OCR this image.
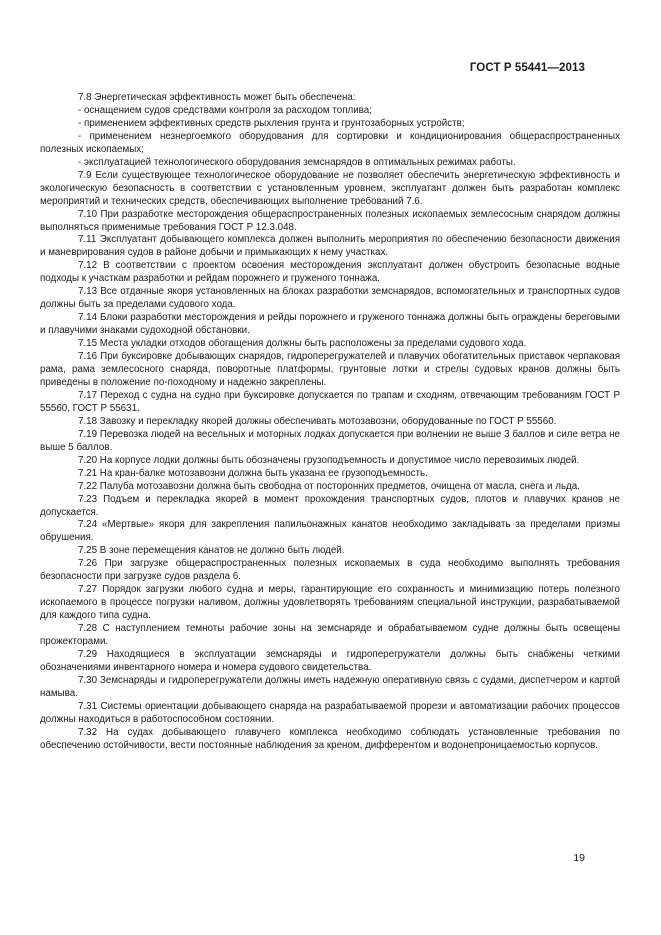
ГОСТ Р 55441—2013

7.8 Энергетическая эффективность может быть обеспечена:

- оснащением судов средствами контроля за расходом топлива;

- применением эффективных средств рыхления грунта и грунтозаборных устройств;

- применением незнергоемкого оборудования для сортировки и кондиционирования общераспространенных полезных ископаемых;

- эксплуатацией технологического оборудования земснарядов в оптимальных режимах работы.

7.9 Если существующее технологическое оборудование не позволяет обеспечить энергетическую эффективность и экологическую безопасность в соответствии с установленным уровнем, эксплуатант должен быть разработан комплекс мероприятий и технических средств, обеспечивающих выполнение требований 7.6.

7.10 При разработке месторождения общераспространенных полезных ископаемых землесосным снарядом должны выполняться применимые требования ГОСТ Р 12.3.048.

7.11 Эксплуатант добывающего комплекса должен выполнить мероприятия по обеспечению безопасности движения и маневрирования судов в районе добычи и примыкающих к нему участках.

7.12 В соответствии с проектом освоения месторождения эксплуатант должен обустроить безопасные водные подходы к участкам разработки и рейдам порожнего и груженого тоннажа.

7.13 Все отданные якоря установленных на блоках разработки земснарядов, вспомогательных и транспортных судов должны быть за пределами судового хода.

7.14 Блоки разработки месторождения и рейды порожнего и груженого тоннажа должны быть ограждены береговыми и плавучими знаками судоходной обстановки.

7.15 Места укладки отходов обогащения должны быть расположены за пределами судового хода.

7.16 При буксировке добывающих снарядов, гидроперегружателей и плавучих обогатительных приставок черпаковая рама, рама землесосного снаряда, поворотные платформы, грунтовые лотки и стрелы судовых кранов должны быть приведены в положение по-походному и надежно закреплены.

7.17 Переход с судна на судно при буксировке допускается по трапам и сходням, отвечающим требованиям ГОСТ Р 55560, ГОСТ Р 55631.

7.18 Завозку и перекладку якорей должны обеспечивать мотозавозни, оборудованные по ГОСТ Р 55560.

7.19 Перевозка людей на весельных и моторных лодках допускается при волнении не выше 3 баллов и силе ветра не выше 5 баллов.

7.20 На корпусе лодки должны быть обозначены грузоподъемность и допустимое число перевозимых людей.

7.21 На кран-балке мотозавозни должна быть указана ее грузоподъемность.

7.22 Палуба мотозавозни должна быть свободна от посторонних предметов, очищена от масла, снега и льда.

7.23 Подъем и перекладка якорей в момент прохождения транспортных судов, плотов и плавучих кранов не допускается.

7.24 «Мертвые» якоря для закрепления папильонажных канатов необходимо закладывать за пределами призмы обрушения.

7.25 В зоне перемещения канатов не должно быть людей.

7.26 При загрузке общераспространенных полезных ископаемых в суда необходимо выполнять требования безопасности при загрузке судов раздела 6.

7.27 Порядок загрузки любого судна и меры, гарантирующие его сохранность и минимизацию потерь полезного ископаемого в процессе погрузки наливом, должны удовлетворять требованиям специальной инструкции, разрабатываемой для каждого типа судна.

7.28 С наступлением темноты рабочие зоны на земснаряде и обрабатываемом судне должны быть освещены прожекторами.

7.29 Находящиеся в эксплуатации земснаряды и гидроперегружатели должны быть снабжены четкими обозначениями инвентарного номера и номера судового свидетельства.

7.30 Земснаряды и гидроперегружатели должны иметь надежную оперативную связь с судами, диспетчером и картой намыва.

7.31 Системы ориентации добывающего снаряда на разрабатываемой прорези и автоматизации рабочих процессов должны находиться в работоспособном состоянии.

7.32 На судах добывающего плавучего комплекса необходимо соблюдать установленные требования по обеспечению остойчивости, вести постоянные наблюдения за креном, дифферентом и водонепроницаемостью корпусов.

19
